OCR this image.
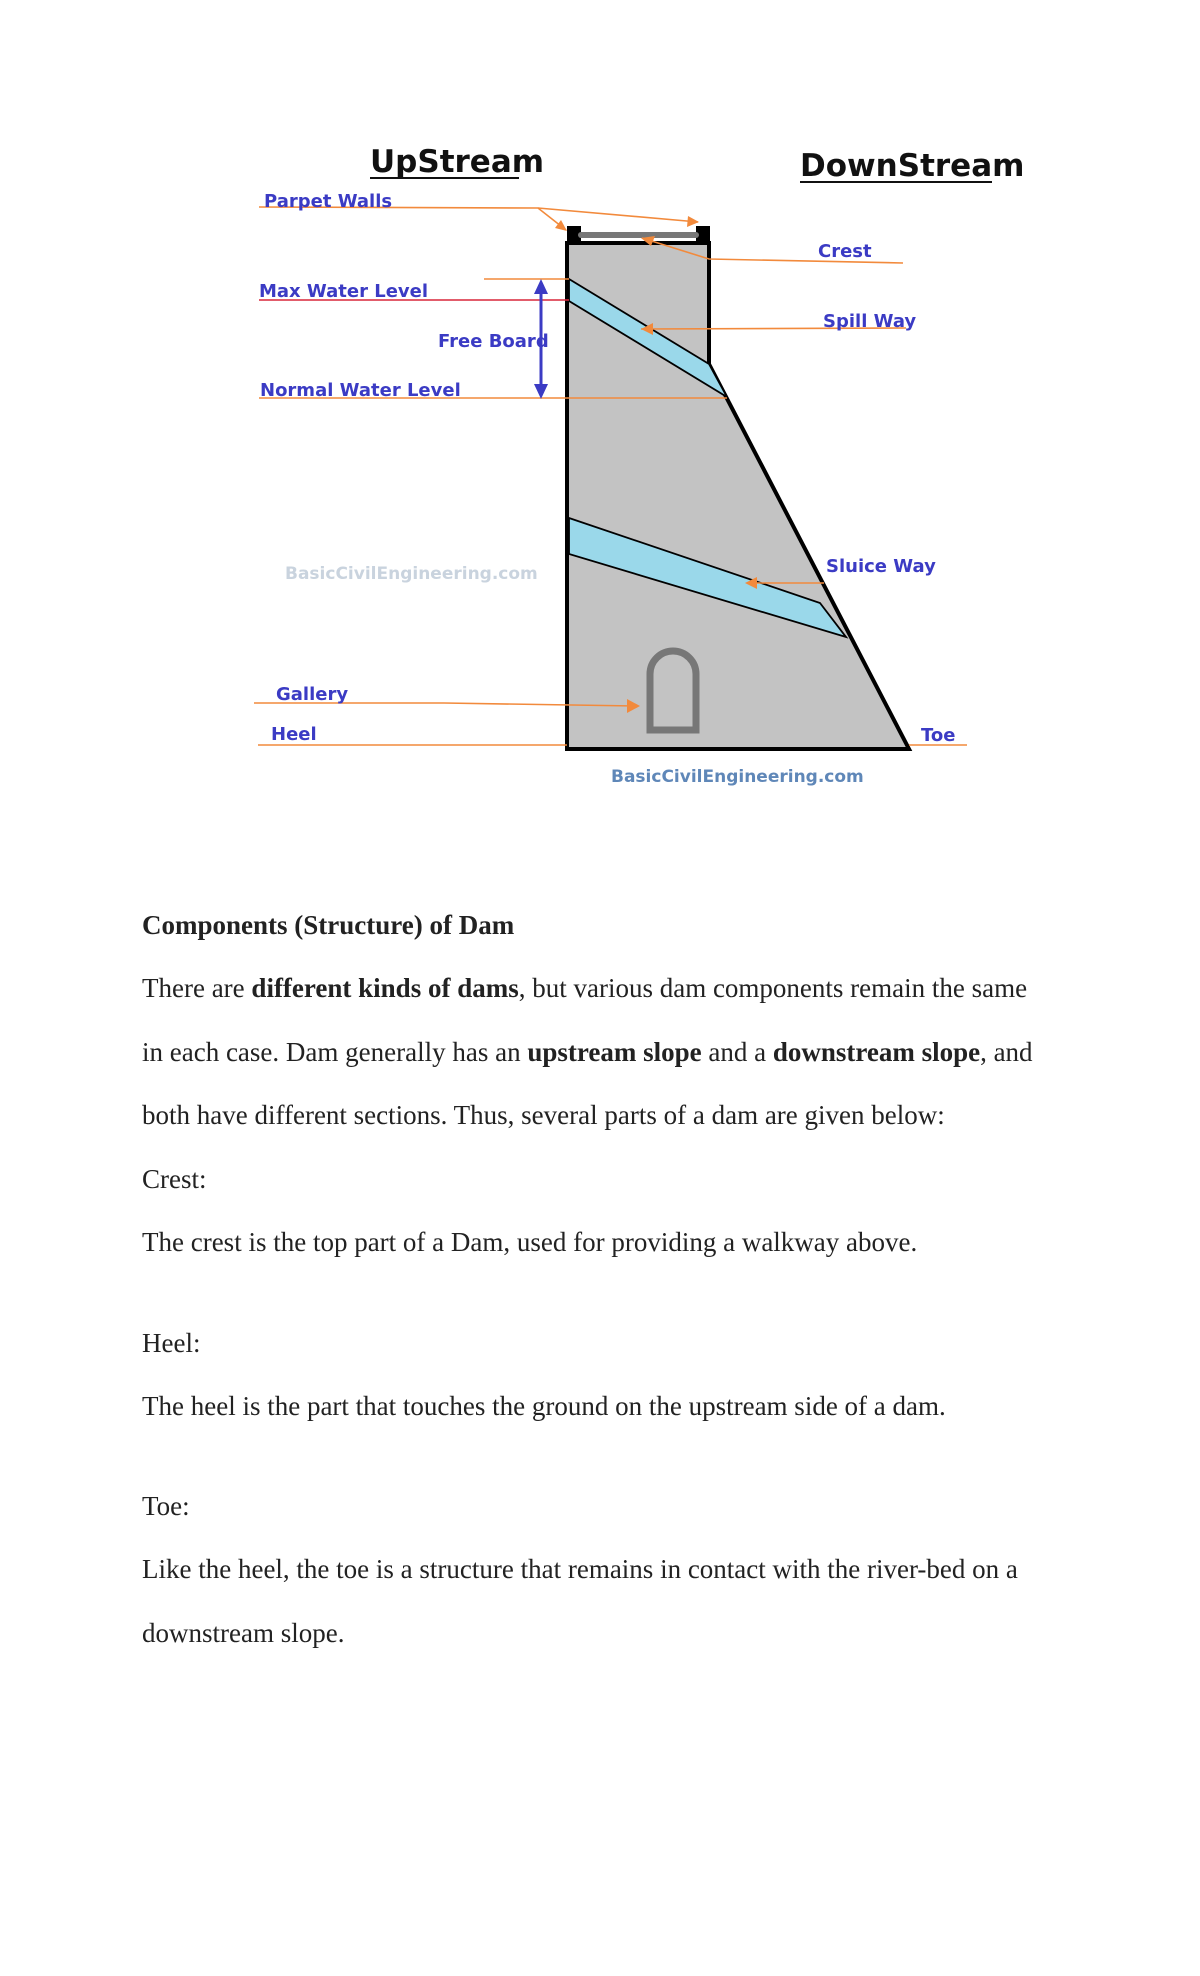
UpStream	DownStream
Parpet Walls
Crest
Max Water Level
Spill Way
Free Board
Normal Water Level
Sluice Way
Gallery
Heel	Toe
BasicCivilEngineering.com
BasicCivilEngineering.com
Components (Structure) of Dam
There are different kinds of dams, but various dam components remain the same
in each case. Dam generally has an upstream slope and a downstream slope, and
both have different sections. Thus, several parts of a dam are given below:
Crest:
The crest is the top part of a Dam, used for providing a walkway above.
Heel:
The heel is the part that touches the ground on the upstream side of a dam.
Toe:
Like the heel, the toe is a structure that remains in contact with the river-bed on a
downstream slope.
